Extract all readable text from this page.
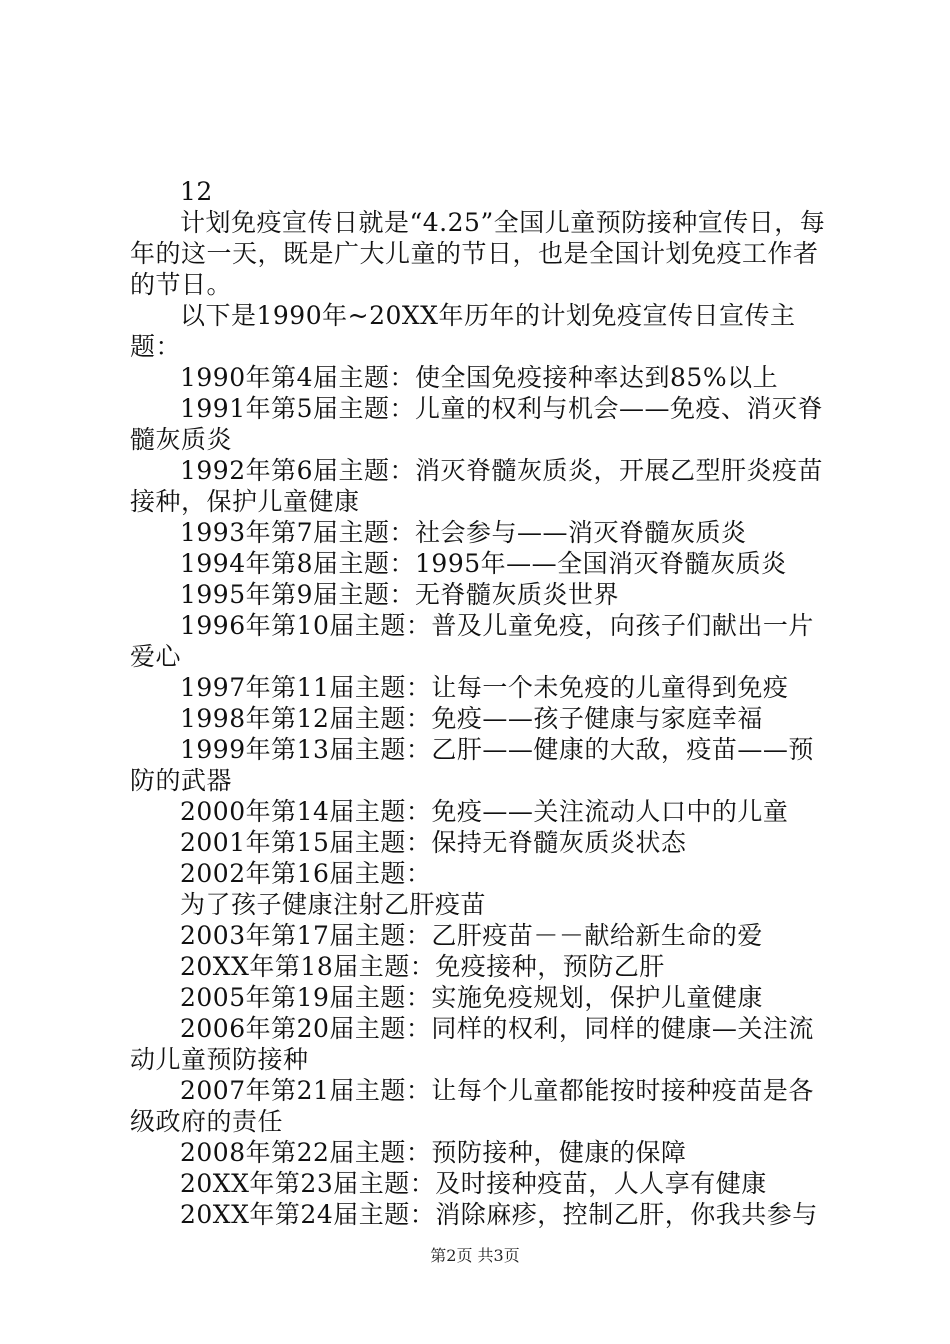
12

计划免疫宣传日就是“4.25”全国儿童预防接种宣传日，每年的这一天，既是广大儿童的节日，也是全国计划免疫工作者的节日。

以下是1990年~20XX年历年的计划免疫宣传日宣传主题：

1990年第4届主题：使全国免疫接种率达到85%以上

1991年第5届主题：儿童的权利与机会——免疫、消灭脊髓灰质炎

1992年第6届主题：消灭脊髓灰质炎，开展乙型肝炎疫苗接种，保护儿童健康

1993年第7届主题：社会参与——消灭脊髓灰质炎

1994年第8届主题：1995年——全国消灭脊髓灰质炎

1995年第9届主题：无脊髓灰质炎世界

1996年第10届主题：普及儿童免疫，向孩子们献出一片爱心

1997年第11届主题：让每一个未免疫的儿童得到免疫

1998年第12届主题：免疫——孩子健康与家庭幸福

1999年第13届主题：乙肝——健康的大敌，疫苗——预防的武器

2000年第14届主题：免疫——关注流动人口中的儿童

2001年第15届主题：保持无脊髓灰质炎状态

2002年第16届主题：

为了孩子健康注射乙肝疫苗

2003年第17届主题：乙肝疫苗－－献给新生命的爱

20XX年第18届主题：免疫接种，预防乙肝

2005年第19届主题：实施免疫规划，保护儿童健康

2006年第20届主题：同样的权利，同样的健康—关注流动儿童预防接种

2007年第21届主题：让每个儿童都能按时接种疫苗是各级政府的责任

2008年第22届主题：预防接种，健康的保障

20XX年第23届主题：及时接种疫苗，人人享有健康

20XX年第24届主题：消除麻疹，控制乙肝，你我共参与

第2页 共3页
